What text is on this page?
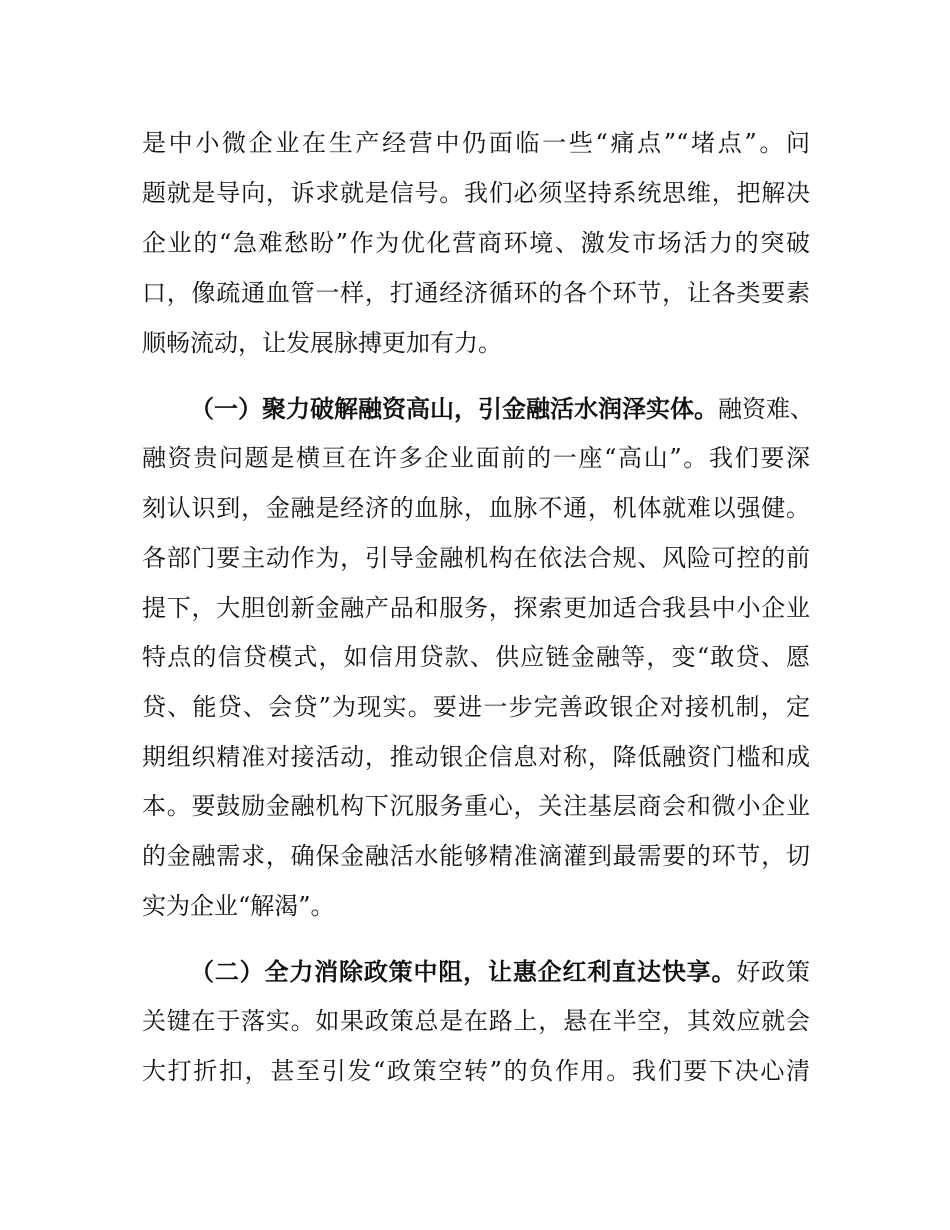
是中小微企业在生产经营中仍面临一些“痛点”“堵点”。问
题就是导向，诉求就是信号。我们必须坚持系统思维，把解决
企业的“急难愁盼”作为优化营商环境、激发市场活力的突破
口，像疏通血管一样，打通经济循环的各个环节，让各类要素
顺畅流动，让发展脉搏更加有力。
（一）聚力破解融资高山，引金融活水润泽实体。融资难、
融资贵问题是横亘在许多企业面前的一座“高山”。我们要深
刻认识到，金融是经济的血脉，血脉不通，机体就难以强健。
各部门要主动作为，引导金融机构在依法合规、风险可控的前
提下，大胆创新金融产品和服务，探索更加适合我县中小企业
特点的信贷模式，如信用贷款、供应链金融等，变“敢贷、愿
贷、能贷、会贷”为现实。要进一步完善政银企对接机制，定
期组织精准对接活动，推动银企信息对称，降低融资门槛和成
本。要鼓励金融机构下沉服务重心，关注基层商会和微小企业
的金融需求，确保金融活水能够精准滴灌到最需要的环节，切
实为企业“解渴”。
（二）全力消除政策中阻，让惠企红利直达快享。好政策
关键在于落实。如果政策总是在路上，悬在半空，其效应就会
大打折扣，甚至引发“政策空转”的负作用。我们要下决心清
